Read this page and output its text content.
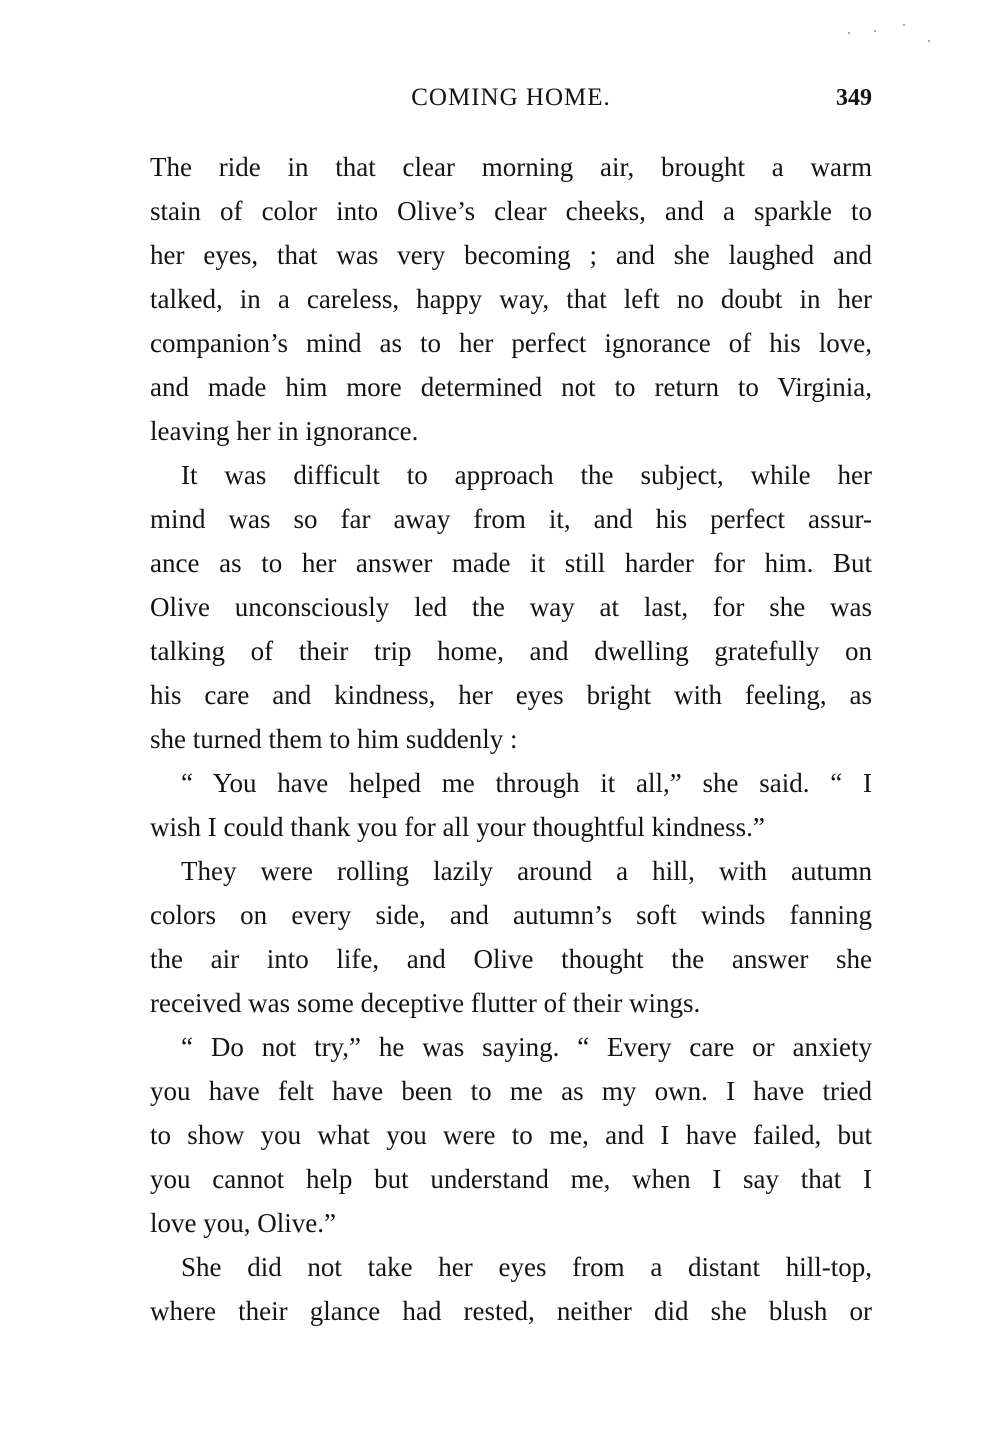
COMING HOME.	349
The ride in that clear morning air, brought a warm
stain of color into Olive’s clear cheeks, and a sparkle to
her eyes, that was very becoming ; and she laughed and
talked, in a careless, happy way, that left no doubt in her
companion’s mind as to her perfect ignorance of his love,
and made him more determined not to return to Virginia,
leaving her in ignorance.
It was difficult to approach the subject, while her
mind was so far away from it, and his perfect assur-
ance as to her answer made it still harder for him. But
Olive unconsciously led the way at last, for she was
talking of their trip home, and dwelling gratefully on
his care and kindness, her eyes bright with feeling, as
she turned them to him suddenly :
“ You have helped me through it all,” she said. “ I
wish I could thank you for all your thoughtful kindness.”
They were rolling lazily around a hill, with autumn
colors on every side, and autumn’s soft winds fanning
the air into life, and Olive thought the answer she
received was some deceptive flutter of their wings.
“ Do not try,” he was saying. “ Every care or anxiety
you have felt have been to me as my own. I have tried
to show you what you were to me, and I have failed, but
you cannot help but understand me, when I say that I
love you, Olive.”
She did not take her eyes from a distant hill-top,
where their glance had rested, neither did she blush or
